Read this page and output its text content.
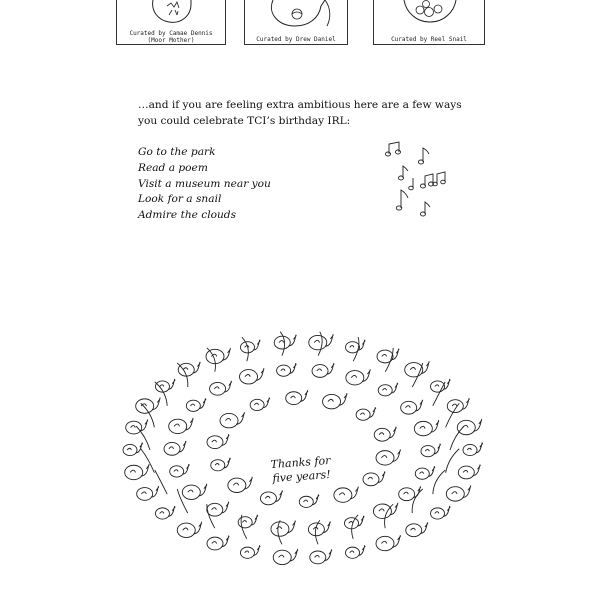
Curated by Camae Dennis (Moor Mother)	Curated by Drew Daniel	Curated by Reel Snail

…and if you are feeling extra ambitious here are a few ways you could celebrate TCI’s birthday IRL:

Go to the park
Read a poem
Visit a museum near you
Look for a snail
Admire the clouds
Thanks for five years!
